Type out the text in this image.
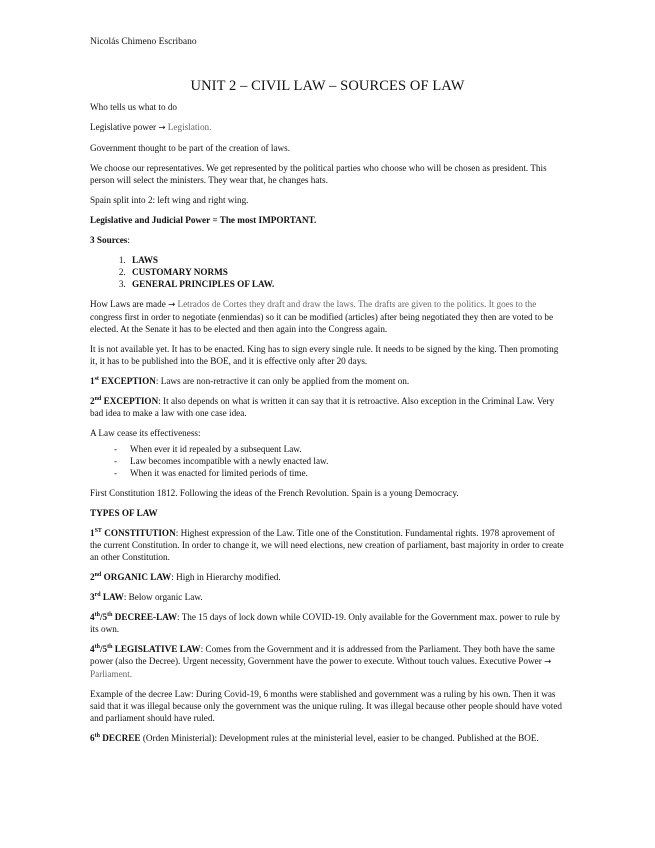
Nicolás Chimeno Escribano
UNIT 2 – CIVIL LAW – SOURCES OF LAW

Who tells us what to do

Legislative power → Legislation.

Government thought to be part of the creation of laws.

We choose our representatives. We get represented by the political parties who choose who will be chosen as president. This person will select the ministers. They wear that, he changes hats.

Spain split into 2: left wing and right wing.

Legislative and Judicial Power = The most IMPORTANT.

3 Sources:

1. LAWS
2. CUSTOMARY NORMS
3. GENERAL PRINCIPLES OF LAW.

How Laws are made → Letrados de Cortes they draft and draw the laws. The drafts are given to the politics. It goes to the congress first in order to negotiate (enmiendas) so it can be modified (articles) after being negotiated they then are voted to be elected. At the Senate it has to be elected and then again into the Congress again.

It is not available yet. It has to be enacted. King has to sign every single rule. It needs to be signed by the king. Then promoting it, it has to be published into the BOE, and it is effective only after 20 days.

1st EXCEPTION: Laws are non-retractive it can only be applied from the moment on.

2nd EXCEPTION: It also depends on what is written it can say that it is retroactive. Also exception in the Criminal Law. Very bad idea to make a law with one case idea.

A Law cease its effectiveness:

- When ever it id repealed by a subsequent Law.
- Law becomes incompatible with a newly enacted law.
- When it was enacted for limited periods of time.

First Constitution 1812. Following the ideas of the French Revolution. Spain is a young Democracy.

TYPES OF LAW

1ST CONSTITUTION: Highest expression of the Law. Title one of the Constitution. Fundamental rights. 1978 aprovement of the current Constitution. In order to change it, we will need elections, new creation of parliament, bast majority in order to create an other Constitution.

2nd ORGANIC LAW: High in Hierarchy modified.

3rd LAW: Below organic Law.

4th/5th DECREE-LAW: The 15 days of lock down while COVID-19. Only available for the Government max. power to rule by its own.

4th/5th LEGISLATIVE LAW: Comes from the Government and it is addressed from the Parliament. They both have the same power (also the Decree). Urgent necessity, Government have the power to execute. Without touch values. Executive Power → Parliament.

Example of the decree Law: During Covid-19, 6 months were stablished and government was a ruling by his own. Then it was said that it was illegal because only the government was the unique ruling. It was illegal because other people should have voted and parliament should have ruled.

6th DECREE (Orden Ministerial): Development rules at the ministerial level, easier to be changed. Published at the BOE.
